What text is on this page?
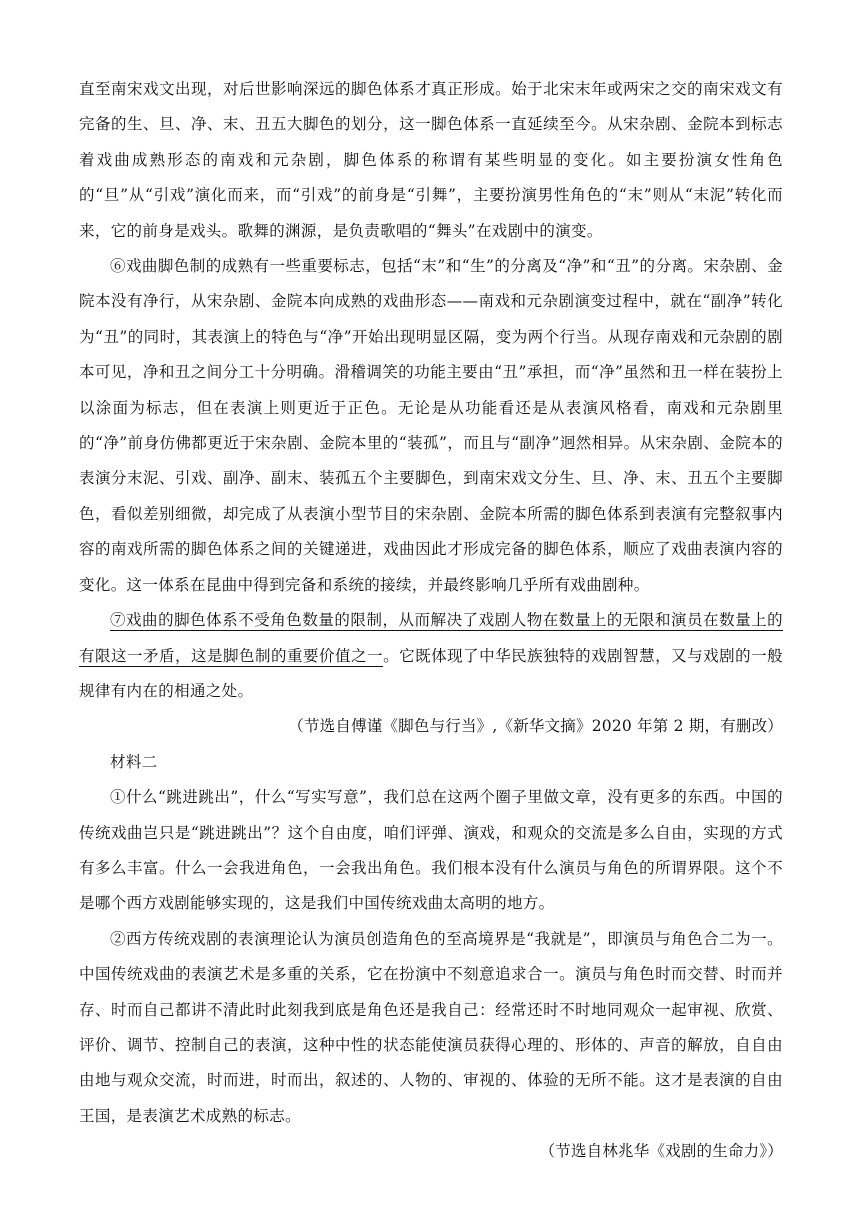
直至南宋戏文出现，对后世影响深远的脚色体系才真正形成。始于北宋末年或两宋之交的南宋戏文有完备的生、旦、净、末、丑五大脚色的划分，这一脚色体系一直延续至今。从宋杂剧、金院本到标志着戏曲成熟形态的南戏和元杂剧，脚色体系的称谓有某些明显的变化。如主要扮演女性角色的“旦”从“引戏”演化而来，而“引戏”的前身是“引舞”，主要扮演男性角色的“末”则从“末泥”转化而来，它的前身是戏头。歌舞的渊源，是负责歌唱的“舞头”在戏剧中的演变。

⑥戏曲脚色制的成熟有一些重要标志，包括“末”和“生”的分离及“净”和“丑”的分离。宋杂剧、金院本没有净行，从宋杂剧、金院本向成熟的戏曲形态——南戏和元杂剧演变过程中，就在“副净”转化为“丑”的同时，其表演上的特色与“净”开始出现明显区隔，变为两个行当。从现存南戏和元杂剧的剧本可见，净和丑之间分工十分明确。滑稽调笑的功能主要由“丑”承担，而“净”虽然和丑一样在装扮上以涂面为标志，但在表演上则更近于正色。无论是从功能看还是从表演风格看，南戏和元杂剧里的“净”前身仿佛都更近于宋杂剧、金院本里的“装孤”，而且与“副净”迥然相异。从宋杂剧、金院本的表演分末泥、引戏、副净、副末、装孤五个主要脚色，到南宋戏文分生、旦、净、末、丑五个主要脚色，看似差别细微，却完成了从表演小型节目的宋杂剧、金院本所需的脚色体系到表演有完整叙事内容的南戏所需的脚色体系之间的关键递进，戏曲因此才形成完备的脚色体系，顺应了戏曲表演内容的变化。这一体系在昆曲中得到完备和系统的接续，并最终影响几乎所有戏曲剧种。

⑦戏曲的脚色体系不受角色数量的限制，从而解决了戏剧人物在数量上的无限和演员在数量上的有限这一矛盾，这是脚色制的重要价值之一。它既体现了中华民族独特的戏剧智慧，又与戏剧的一般规律有内在的相通之处。

（节选自傅谨《脚色与行当》,《新华文摘》2020 年第 2 期，有删改）

材料二

①什么“跳进跳出”，什么“写实写意”，我们总在这两个圈子里做文章，没有更多的东西。中国的传统戏曲岂只是“跳进跳出”？这个自由度，咱们评弹、演戏，和观众的交流是多么自由，实现的方式有多么丰富。什么一会我进角色，一会我出角色。我们根本没有什么演员与角色的所谓界限。这个不是哪个西方戏剧能够实现的，这是我们中国传统戏曲太高明的地方。

②西方传统戏剧的表演理论认为演员创造角色的至高境界是“我就是”，即演员与角色合二为一。中国传统戏曲的表演艺术是多重的关系，它在扮演中不刻意追求合一。演员与角色时而交替、时而并存、时而自己都讲不清此时此刻我到底是角色还是我自己：经常还时不时地同观众一起审视、欣赏、评价、调节、控制自己的表演，这种中性的状态能使演员获得心理的、形体的、声音的解放，自自由由地与观众交流，时而进，时而出，叙述的、人物的、审视的、体验的无所不能。这才是表演的自由王国，是表演艺术成熟的标志。

（节选自林兆华《戏剧的生命力》）
